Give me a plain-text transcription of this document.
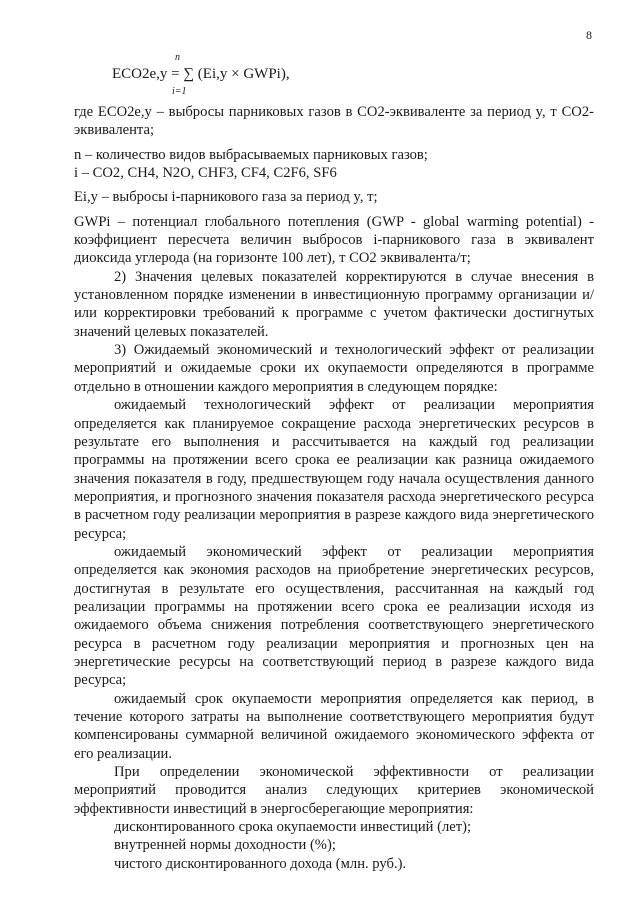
8
n
ECO2e,y = ∑ (Ei,y × GWPi),
i=1

где ECO2e,y – выбросы парниковых газов в CO2-эквиваленте за период y, т CO2-эквивалента;

n – количество видов выбрасываемых парниковых газов;

i – CO2, CH4, N2O, CHF3, CF4, C2F6, SF6

Ei,y – выбросы i-парникового газа за период y, т;

GWPi – потенциал глобального потепления (GWP - global warming potential) - коэффициент пересчета величин выбросов i-парникового газа в эквивалент диоксида углерода (на горизонте 100 лет), т CO2 эквивалента/т;

2) Значения целевых показателей корректируются в случае внесения в установленном порядке изменении в инвестиционную программу организации и/или корректировки требований к программе с учетом фактически достигнутых значений целевых показателей.

3) Ожидаемый экономический и технологический эффект от реализации мероприятий и ожидаемые сроки их окупаемости определяются в программе отдельно в отношении каждого мероприятия в следующем порядке:

ожидаемый технологический эффект от реализации мероприятия определяется как планируемое сокращение расхода энергетических ресурсов в результате его выполнения и рассчитывается на каждый год реализации программы на протяжении всего срока ее реализации как разница ожидаемого значения показателя в году, предшествующем году начала осуществления данного мероприятия, и прогнозного значения показателя расхода энергетического ресурса в расчетном году реализации мероприятия в разрезе каждого вида энергетического ресурса;

ожидаемый экономический эффект от реализации мероприятия определяется как экономия расходов на приобретение энергетических ресурсов, достигнутая в результате его осуществления, рассчитанная на каждый год реализации программы на протяжении всего срока ее реализации исходя из ожидаемого объема снижения потребления соответствующего энергетического ресурса в расчетном году реализации мероприятия и прогнозных цен на энергетические ресурсы на соответствующий период в разрезе каждого вида ресурса;

ожидаемый срок окупаемости мероприятия определяется как период, в течение которого затраты на выполнение соответствующего мероприятия будут компенсированы суммарной величиной ожидаемого экономического эффекта от его реализации.

При определении экономической эффективности от реализации мероприятий проводится анализ следующих критериев экономической эффективности инвестиций в энергосберегающие мероприятия:

дисконтированного срока окупаемости инвестиций (лет);

внутренней нормы доходности (%);

чистого дисконтированного дохода (млн. руб.).
